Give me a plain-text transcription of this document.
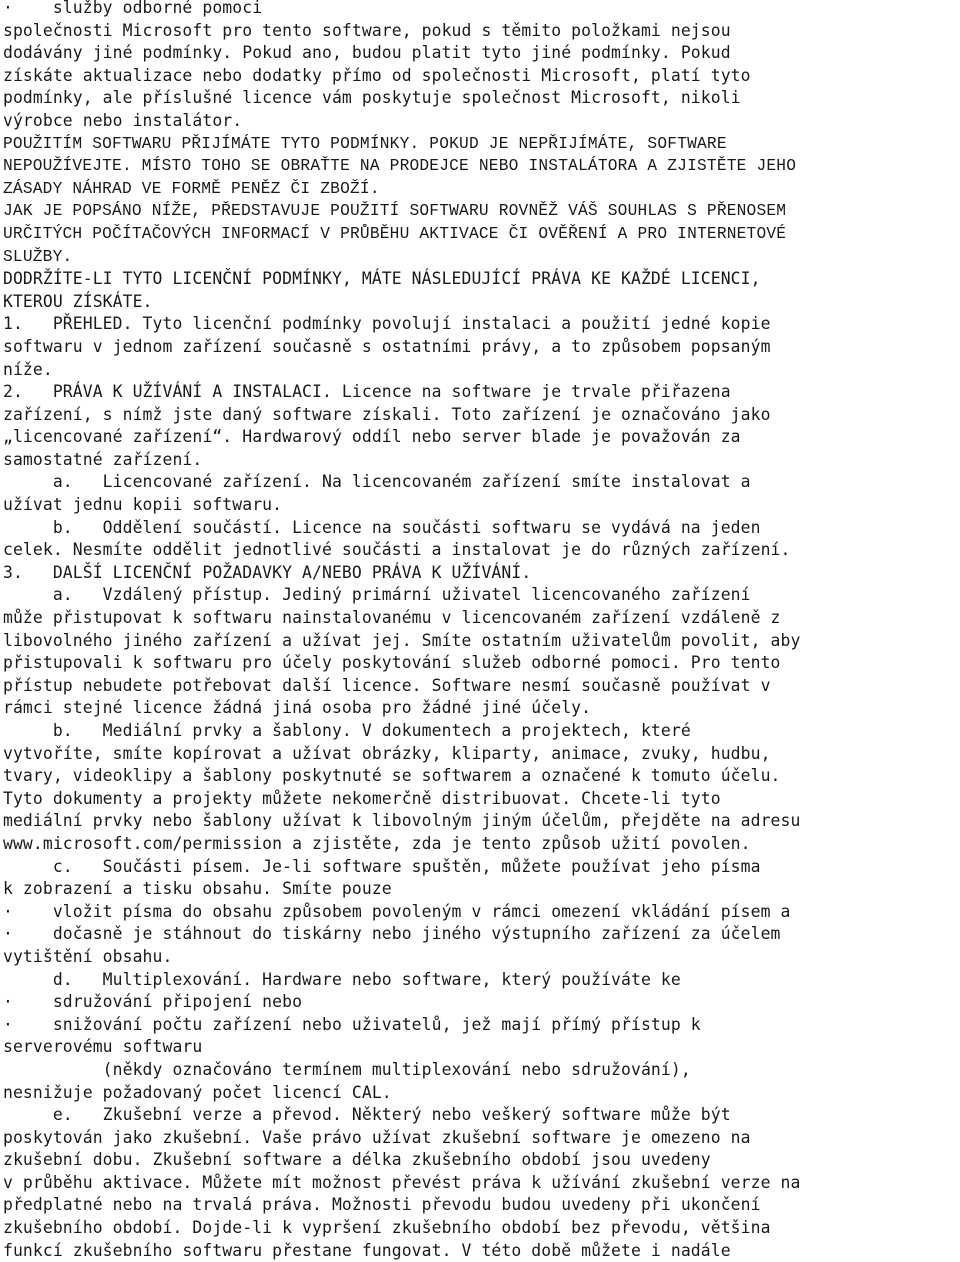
·    služby odborné pomoci
společnosti Microsoft pro tento software, pokud s těmito položkami nejsou
dodávány jiné podmínky. Pokud ano, budou platit tyto jiné podmínky. Pokud
získáte aktualizace nebo dodatky přímo od společnosti Microsoft, platí tyto
podmínky, ale příslušné licence vám poskytuje společnost Microsoft, nikoli
výrobce nebo instalátor.
POUŽITÍM SOFTWARU PŘIJÍMÁTE TYTO PODMÍNKY. POKUD JE NEPŘIJÍMÁTE, SOFTWARE
NEPOUŽÍVEJTE. MÍSTO TOHO SE OBRAŤTE NA PRODEJCE NEBO INSTALÁTORA A ZJISTĚTE JEHO
ZÁSADY NÁHRAD VE FORMĚ PENĚZ ČI ZBOŽÍ.
JAK JE POPSÁNO NÍŽE, PŘEDSTAVUJE POUŽITÍ SOFTWARU ROVNĚŽ VÁŠ SOUHLAS S PŘENOSEM
URČITÝCH POČÍTAČOVÝCH INFORMACÍ V PRŮBĚHU AKTIVACE ČI OVĚŘENÍ A PRO INTERNETOVÉ
SLUŽBY.
DODRŽÍTE-LI TYTO LICENČNÍ PODMÍNKY, MÁTE NÁSLEDUJÍCÍ PRÁVA KE KAŽDÉ LICENCI,
KTEROU ZÍSKÁTE.
1.   PŘEHLED. Tyto licenční podmínky povolují instalaci a použití jedné kopie
softwaru v jednom zařízení současně s ostatními právy, a to způsobem popsaným
níže.
2.   PRÁVA K UŽÍVÁNÍ A INSTALACI. Licence na software je trvale přiřazena
zařízení, s nímž jste daný software získali. Toto zařízení je označováno jako
„licencované zařízení“. Hardwarový oddíl nebo server blade je považován za
samostatné zařízení.
a.   Licencované zařízení. Na licencovaném zařízení smíte instalovat a
užívat jednu kopii softwaru.
b.   Oddělení součástí. Licence na součásti softwaru se vydává na jeden
celek. Nesmíte oddělit jednotlivé součásti a instalovat je do různých zařízení.
3.   DALŠÍ LICENČNÍ POŽADAVKY A/NEBO PRÁVA K UŽÍVÁNÍ.
a.   Vzdálený přístup. Jediný primární uživatel licencovaného zařízení
může přistupovat k softwaru nainstalovanému v licencovaném zařízení vzdáleně z
libovolného jiného zařízení a užívat jej. Smíte ostatním uživatelům povolit, aby
přistupovali k softwaru pro účely poskytování služeb odborné pomoci. Pro tento
přístup nebudete potřebovat další licence. Software nesmí současně používat v
rámci stejné licence žádná jiná osoba pro žádné jiné účely.
b.   Mediální prvky a šablony. V dokumentech a projektech, které
vytvoříte, smíte kopírovat a užívat obrázky, kliparty, animace, zvuky, hudbu,
tvary, videoklipy a šablony poskytnuté se softwarem a označené k tomuto účelu.
Tyto dokumenty a projekty můžete nekomerčně distribuovat. Chcete-li tyto
mediální prvky nebo šablony užívat k libovolným jiným účelům, přejděte na adresu
www.microsoft.com/permission a zjistěte, zda je tento způsob užití povolen.
c.   Součásti písem. Je-li software spuštěn, můžete používat jeho písma
k zobrazení a tisku obsahu. Smíte pouze
·    vložit písma do obsahu způsobem povoleným v rámci omezení vkládání písem a
·    dočasně je stáhnout do tiskárny nebo jiného výstupního zařízení za účelem
vytištění obsahu.
d.   Multiplexování. Hardware nebo software, který používáte ke
·    sdružování připojení nebo
·    snižování počtu zařízení nebo uživatelů, jež mají přímý přístup k
serverovému softwaru
(někdy označováno termínem multiplexování nebo sdružování),
nesnižuje požadovaný počet licencí CAL.
e.   Zkušební verze a převod. Některý nebo veškerý software může být
poskytován jako zkušební. Vaše právo užívat zkušební software je omezeno na
zkušební dobu. Zkušební software a délka zkušebního období jsou uvedeny
v průběhu aktivace. Můžete mít možnost převést práva k užívání zkušební verze na
předplatné nebo na trvalá práva. Možnosti převodu budou uvedeny při ukončení
zkušebního období. Dojde-li k vypršení zkušebního období bez převodu, většina
funkcí zkušebního softwaru přestane fungovat. V této době můžete i nadále
